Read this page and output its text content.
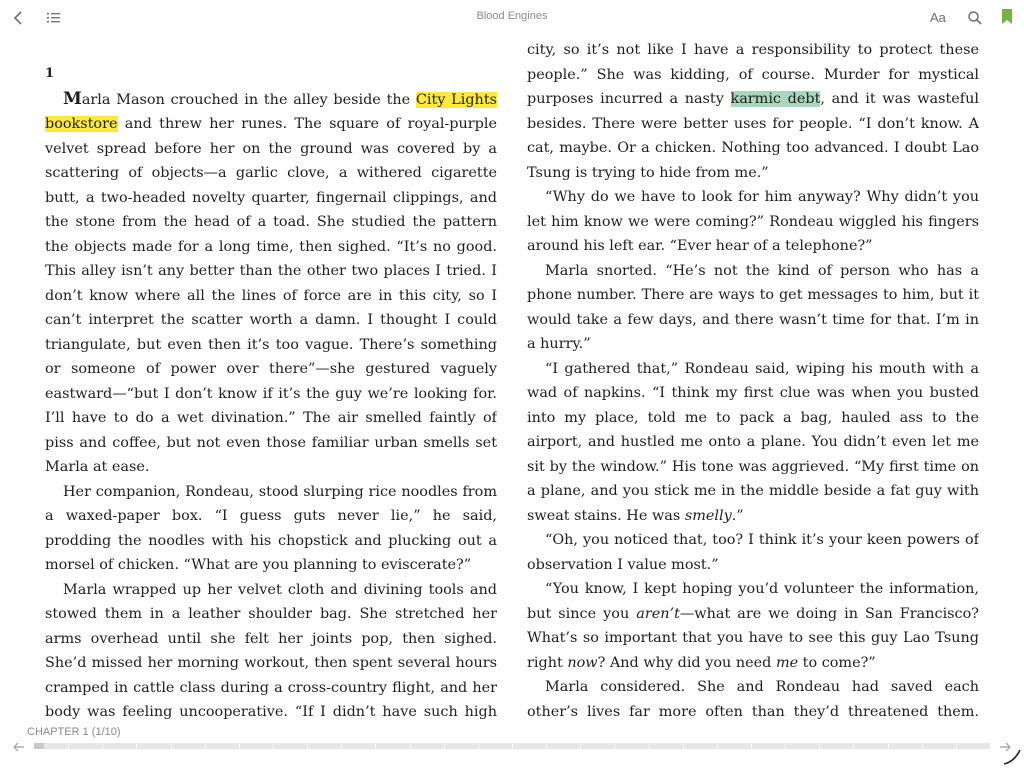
Blood Engines	Aa

1

Marla Mason crouched in the alley beside the City Lights bookstore and threw her runes. The square of royal-purple velvet spread before her on the ground was covered by a scattering of objects—a garlic clove, a withered cigarette butt, a two-headed novelty quarter, fingernail clippings, and the stone from the head of a toad. She studied the pattern the objects made for a long time, then sighed. “It’s no good. This alley isn’t any better than the other two places I tried. I don’t know where all the lines of force are in this city, so I can’t interpret the scatter worth a damn. I thought I could triangulate, but even then it’s too vague. There’s something or someone of power over there”—she gestured vaguely eastward—“but I don’t know if it’s the guy we’re looking for. I’ll have to do a wet divination.” The air smelled faintly of piss and coffee, but not even those familiar urban smells set Marla at ease.

Her companion, Rondeau, stood slurping rice noodles from a waxed-paper box. “I guess guts never lie,” he said, prodding the noodles with his chopstick and plucking out a morsel of chicken. “What are you planning to eviscerate?”

Marla wrapped up her velvet cloth and divining tools and stowed them in a leather shoulder bag. She stretched her arms overhead until she felt her joints pop, then sighed. She’d missed her morning workout, then spent several hours cramped in cattle class during a cross-country flight, and her body was feeling uncooperative. “If I didn’t have such high

city, so it’s not like I have a responsibility to protect these people.” She was kidding, of course. Murder for mystical purposes incurred a nasty karmic debt, and it was wasteful besides. There were better uses for people. “I don’t know. A cat, maybe. Or a chicken. Nothing too advanced. I doubt Lao Tsung is trying to hide from me.”

“Why do we have to look for him anyway? Why didn’t you let him know we were coming?” Rondeau wiggled his fingers around his left ear. “Ever hear of a telephone?”

Marla snorted. “He’s not the kind of person who has a phone number. There are ways to get messages to him, but it would take a few days, and there wasn’t time for that. I’m in a hurry.”

“I gathered that,” Rondeau said, wiping his mouth with a wad of napkins. “I think my first clue was when you busted into my place, told me to pack a bag, hauled ass to the airport, and hustled me onto a plane. You didn’t even let me sit by the window.” His tone was aggrieved. “My first time on a plane, and you stick me in the middle beside a fat guy with sweat stains. He was smelly.”

“Oh, you noticed that, too? I think it’s your keen powers of observation I value most.”

“You know, I kept hoping you’d volunteer the information, but since you aren’t—what are we doing in San Francisco? What’s so important that you have to see this guy Lao Tsung right now? And why did you need me to come?”

Marla considered. She and Rondeau had saved each other’s lives far more often than they’d threatened them.

CHAPTER 1 (1/10)
